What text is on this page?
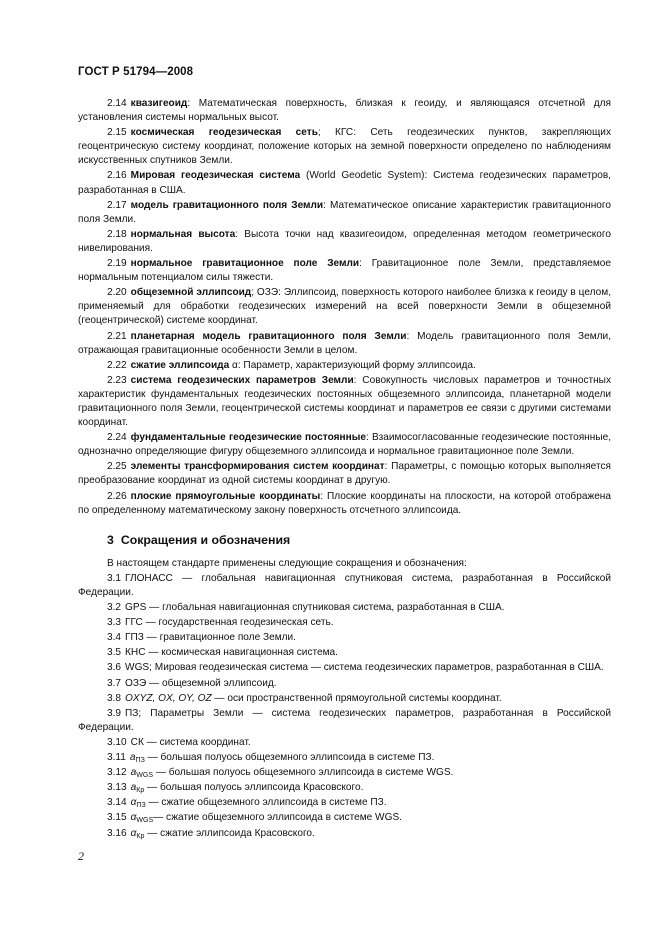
ГОСТ Р 51794—2008
2.14 квазигеоид: Математическая поверхность, близкая к геоиду, и являющаяся отсчетной для установления системы нормальных высот.
2.15 космическая геодезическая сеть; КГС: Сеть геодезических пунктов, закрепляющих геоцентрическую систему координат, положение которых на земной поверхности определено по наблюдениям искусственных спутников Земли.
2.16 Мировая геодезическая система (World Geodetic System): Система геодезических параметров, разработанная в США.
2.17 модель гравитационного поля Земли: Математическое описание характеристик гравитационного поля Земли.
2.18 нормальная высота: Высота точки над квазигеоидом, определенная методом геометрического нивелирования.
2.19 нормальное гравитационное поле Земли: Гравитационное поле Земли, представляемое нормальным потенциалом силы тяжести.
2.20 общеземной эллипсоид; ОЗЭ: Эллипсоид, поверхность которого наиболее близка к геоиду в целом, применяемый для обработки геодезических измерений на всей поверхности Земли в общеземной (геоцентрической) системе координат.
2.21 планетарная модель гравитационного поля Земли: Модель гравитационного поля Земли, отражающая гравитационные особенности Земли в целом.
2.22 сжатие эллипсоида α: Параметр, характеризующий форму эллипсоида.
2.23 система геодезических параметров Земли: Совокупность числовых параметров и точностных характеристик фундаментальных геодезических постоянных общеземного эллипсоида, планетарной модели гравитационного поля Земли, геоцентрической системы координат и параметров ее связи с другими системами координат.
2.24 фундаментальные геодезические постоянные: Взаимосогласованные геодезические постоянные, однозначно определяющие фигуру общеземного эллипсоида и нормальное гравитационное поле Земли.
2.25 элементы трансформирования систем координат: Параметры, с помощью которых выполняется преобразование координат из одной системы координат в другую.
2.26 плоские прямоугольные координаты: Плоские координаты на плоскости, на которой отображена по определенному математическому закону поверхность отсчетного эллипсоида.
3 Сокращения и обозначения
В настоящем стандарте применены следующие сокращения и обозначения:
3.1 ГЛОНАСС — глобальная навигационная спутниковая система, разработанная в Российской Федерации.
3.2 GPS — глобальная навигационная спутниковая система, разработанная в США.
3.3 ГГС — государственная геодезическая сеть.
3.4 ГПЗ — гравитационное поле Земли.
3.5 КНС — космическая навигационная система.
3.6 WGS; Мировая геодезическая система — система геодезических параметров, разработанная в США.
3.7 ОЗЭ — общеземной эллипсоид.
3.8 OXYZ, OX, OY, OZ — оси пространственной прямоугольной системы координат.
3.9 ПЗ; Параметры Земли — система геодезических параметров, разработанная в Российской Федерации.
3.10 СК — система координат.
3.11 $a_{ПЗ}$ — большая полуось общеземного эллипсоида в системе ПЗ.
3.12 $a_{WGS}$ — большая полуось общеземного эллипсоида в системе WGS.
3.13 $a_{Кр}$ — большая полуось эллипсоида Красовского.
3.14 $\alpha_{ПЗ}$ — сжатие общеземного эллипсоида в системе ПЗ.
3.15 $\alpha_{WGS}—$ сжатие общеземного эллипсоида в системе WGS.
3.16 $\alpha_{Кр}$ — сжатие эллипсоида Красовского.
2
